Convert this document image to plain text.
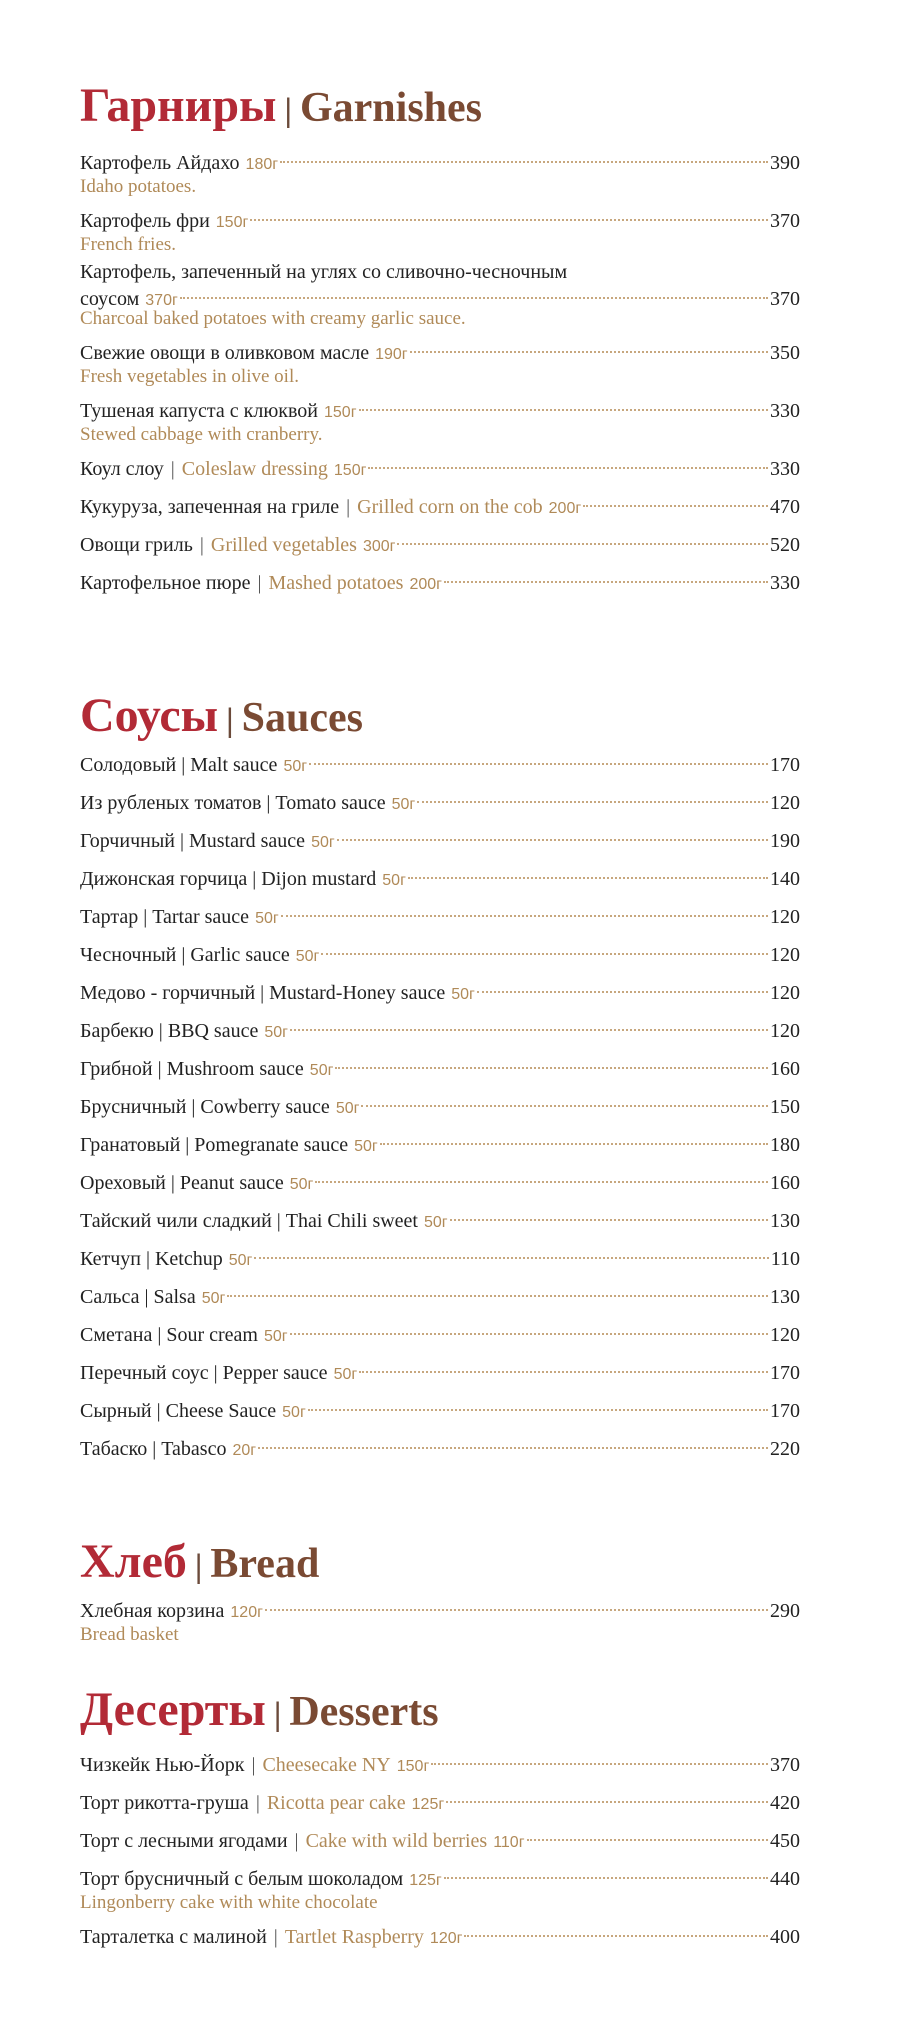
Гарниры | Garnishes
Картофель Айдахо 180г	390
Idaho potatoes.
Картофель фри 150г	370
French fries.
Картофель, запеченный на углях со сливочно-чесночным
соусом 370г	370
Charcoal baked potatoes with creamy garlic sauce.
Свежие овощи в оливковом масле 190г	350
Fresh vegetables in olive oil.
Тушеная капуста с клюквой 150г	330
Stewed cabbage with cranberry.
Коул слоу | Coleslaw dressing 150г	330
Кукуруза, запеченная на гриле | Grilled corn on the cob 200г	470
Овощи гриль | Grilled vegetables 300г	520
Картофельное пюре | Mashed potatoes 200г	330
Соусы | Sauces
Солодовый | Malt sauce 50г	170
Из рубленых томатов | Tomato sauce 50г	120
Горчичный | Mustard sauce 50г	190
Дижонская горчица | Dijon mustard 50г	140
Тартар | Tartar sauce 50г	120
Чесночный | Garlic sauce 50г	120
Медово - горчичный | Mustard-Honey sauce 50г	120
Барбекю | BBQ sauce 50г	120
Грибной | Mushroom sauce 50г	160
Брусничный | Cowberry sauce 50г	150
Гранатовый | Pomegranate sauce 50г	180
Ореховый | Peanut sauce 50г	160
Тайский чили сладкий | Thai Chili sweet 50г	130
Кетчуп | Ketchup 50г	110
Сальса | Salsa 50г	130
Сметана | Sour cream 50г	120
Перечный соус | Pepper sauce 50г	170
Сырный | Cheese Sauce 50г	170
Табаско | Tabasco 20г	220
Хлеб | Bread
Хлебная корзина 120г	290
Bread basket
Десерты | Desserts
Чизкейк Нью-Йорк | Cheesecake NY 150г	370
Торт рикотта-груша | Ricotta pear cake 125г	420
Торт с лесными ягодами | Cake with wild berries 110г	450
Торт брусничный с белым шоколадом 125г	440
Lingonberry cake with white chocolate
Тарталетка с малиной | Tartlet Raspberry 120г	400
